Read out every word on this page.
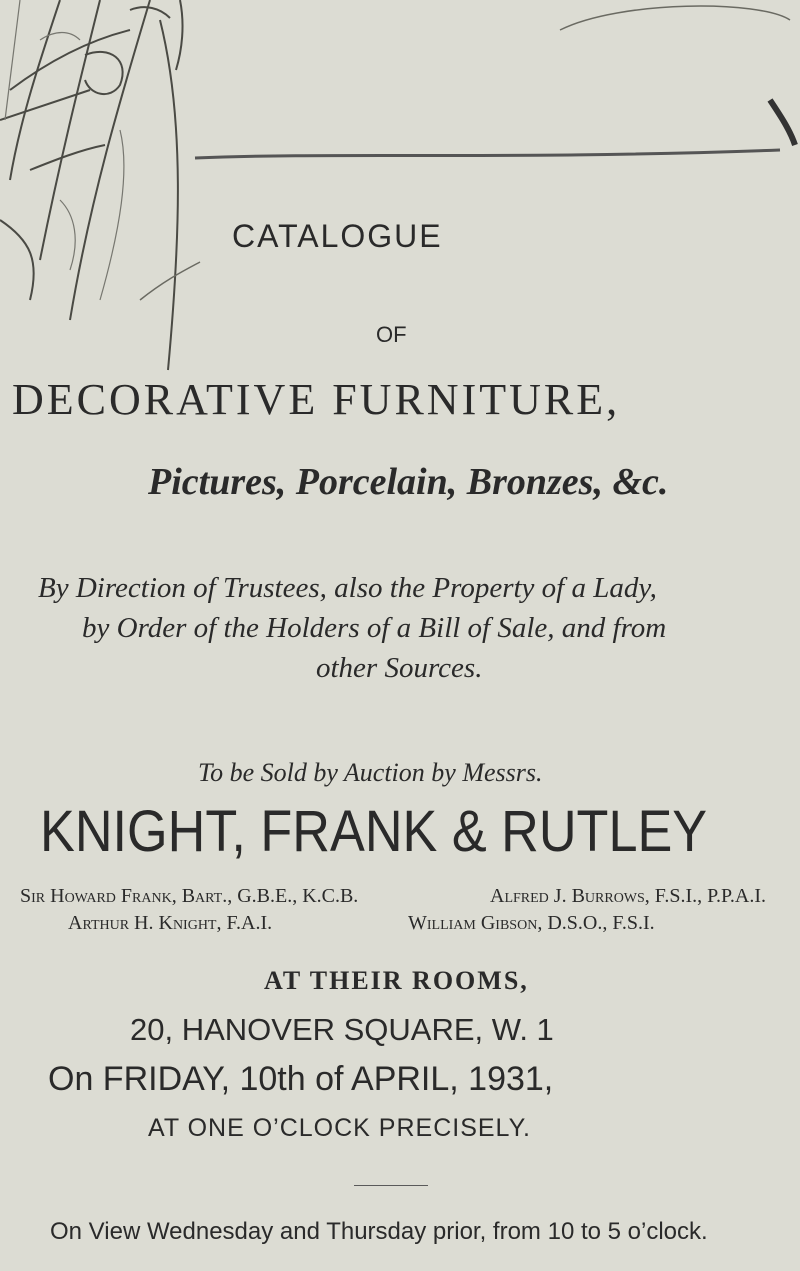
CATALOGUE
OF
DECORATIVE FURNITURE,
Pictures, Porcelain, Bronzes, &c.
By Direction of Trustees, also the Property of a Lady,
by Order of the Holders of a Bill of Sale, and from
other Sources.
To be Sold by Auction by Messrs.
KNIGHT, FRANK & RUTLEY
Sir Howard Frank, Bart., G.B.E., K.C.B.	Alfred J. Burrows, F.S.I., P.P.A.I.
Arthur H. Knight, F.A.I.	William Gibson, D.S.O., F.S.I.
AT THEIR ROOMS,
20, HANOVER SQUARE, W. 1
On FRIDAY, 10th of APRIL, 1931,
AT ONE O’CLOCK PRECISELY.
On View Wednesday and Thursday prior, from 10 to 5 o’clock.
